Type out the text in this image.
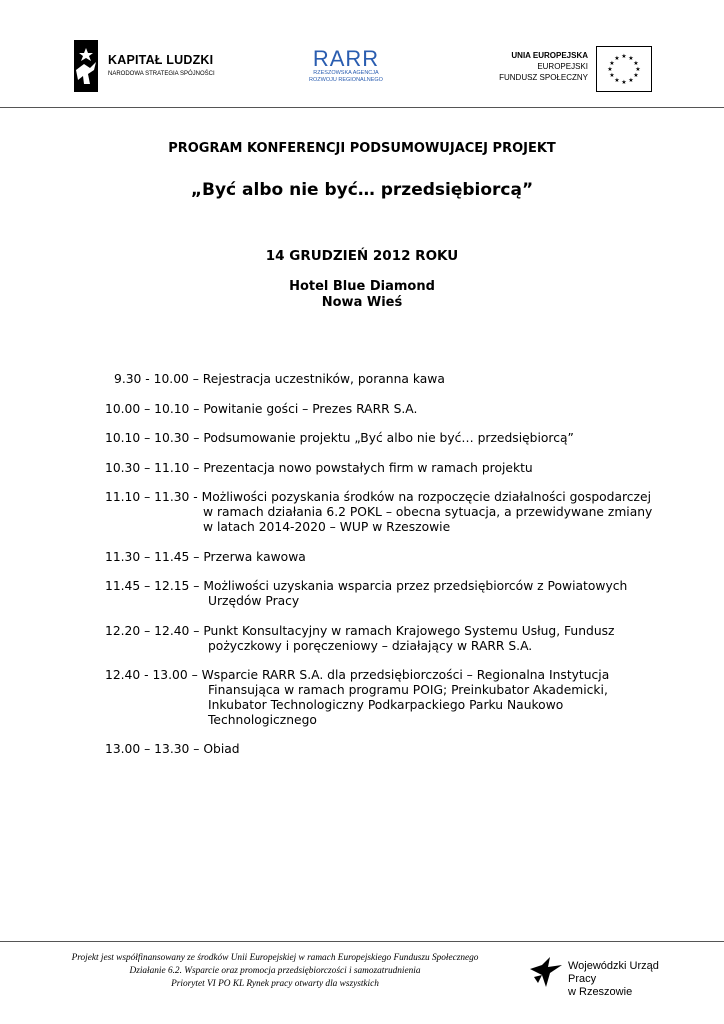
KAPITAŁ LUDZKI
NARODOWA STRATEGIA SPÓJNOŚCI
RARR
RZESZOWSKA AGENCJA
ROZWOJU REGIONALNEGO
UNIA EUROPEJSKA
EUROPEJSKI
FUNDUSZ SPOŁECZNY
★ ★
★
★
★
★
★
★
★
★
★
★
PROGRAM KONFERENCJI PODSUMOWUJACEJ PROJEKT
„Być albo nie być… przedsiębiorcą”
14 GRUDZIEŃ 2012 ROKU
Hotel Blue Diamond
Nowa Wieś
9.30 - 10.00 – Rejestracja uczestników, poranna kawa
10.00 – 10.10 – Powitanie gości – Prezes RARR S.A.
10.10 – 10.30 – Podsumowanie projektu „Być albo nie być… przedsiębiorcą”
10.30 – 11.10 – Prezentacja nowo powstałych firm w ramach projektu
11.10 – 11.30 - Możliwości pozyskania środków na rozpoczęcie działalności gospodarczej
w ramach działania 6.2 POKL – obecna sytuacja, a przewidywane zmiany
w latach 2014-2020 – WUP w Rzeszowie
11.30 – 11.45 – Przerwa kawowa
11.45 – 12.15 – Możliwości uzyskania wsparcia przez przedsiębiorców z Powiatowych
Urzędów Pracy
12.20 – 12.40 – Punkt Konsultacyjny w ramach Krajowego Systemu Usług, Fundusz
pożyczkowy i poręczeniowy – działający w RARR S.A.
12.40 - 13.00 – Wsparcie RARR S.A. dla przedsiębiorczości – Regionalna Instytucja
Finansująca w ramach programu POIG; Preinkubator Akademicki,
Inkubator Technologiczny Podkarpackiego Parku Naukowo
Technologicznego
13.00 – 13.30 – Obiad
Projekt jest współfinansowany ze środków Unii Europejskiej w ramach Europejskiego Funduszu Społecznego
Działanie 6.2. Wsparcie oraz promocja przedsiębiorczości i samozatrudnienia
Priorytet VI PO KL Rynek pracy otwarty dla wszystkich
Wojewódzki Urząd Pracy
w Rzeszowie
